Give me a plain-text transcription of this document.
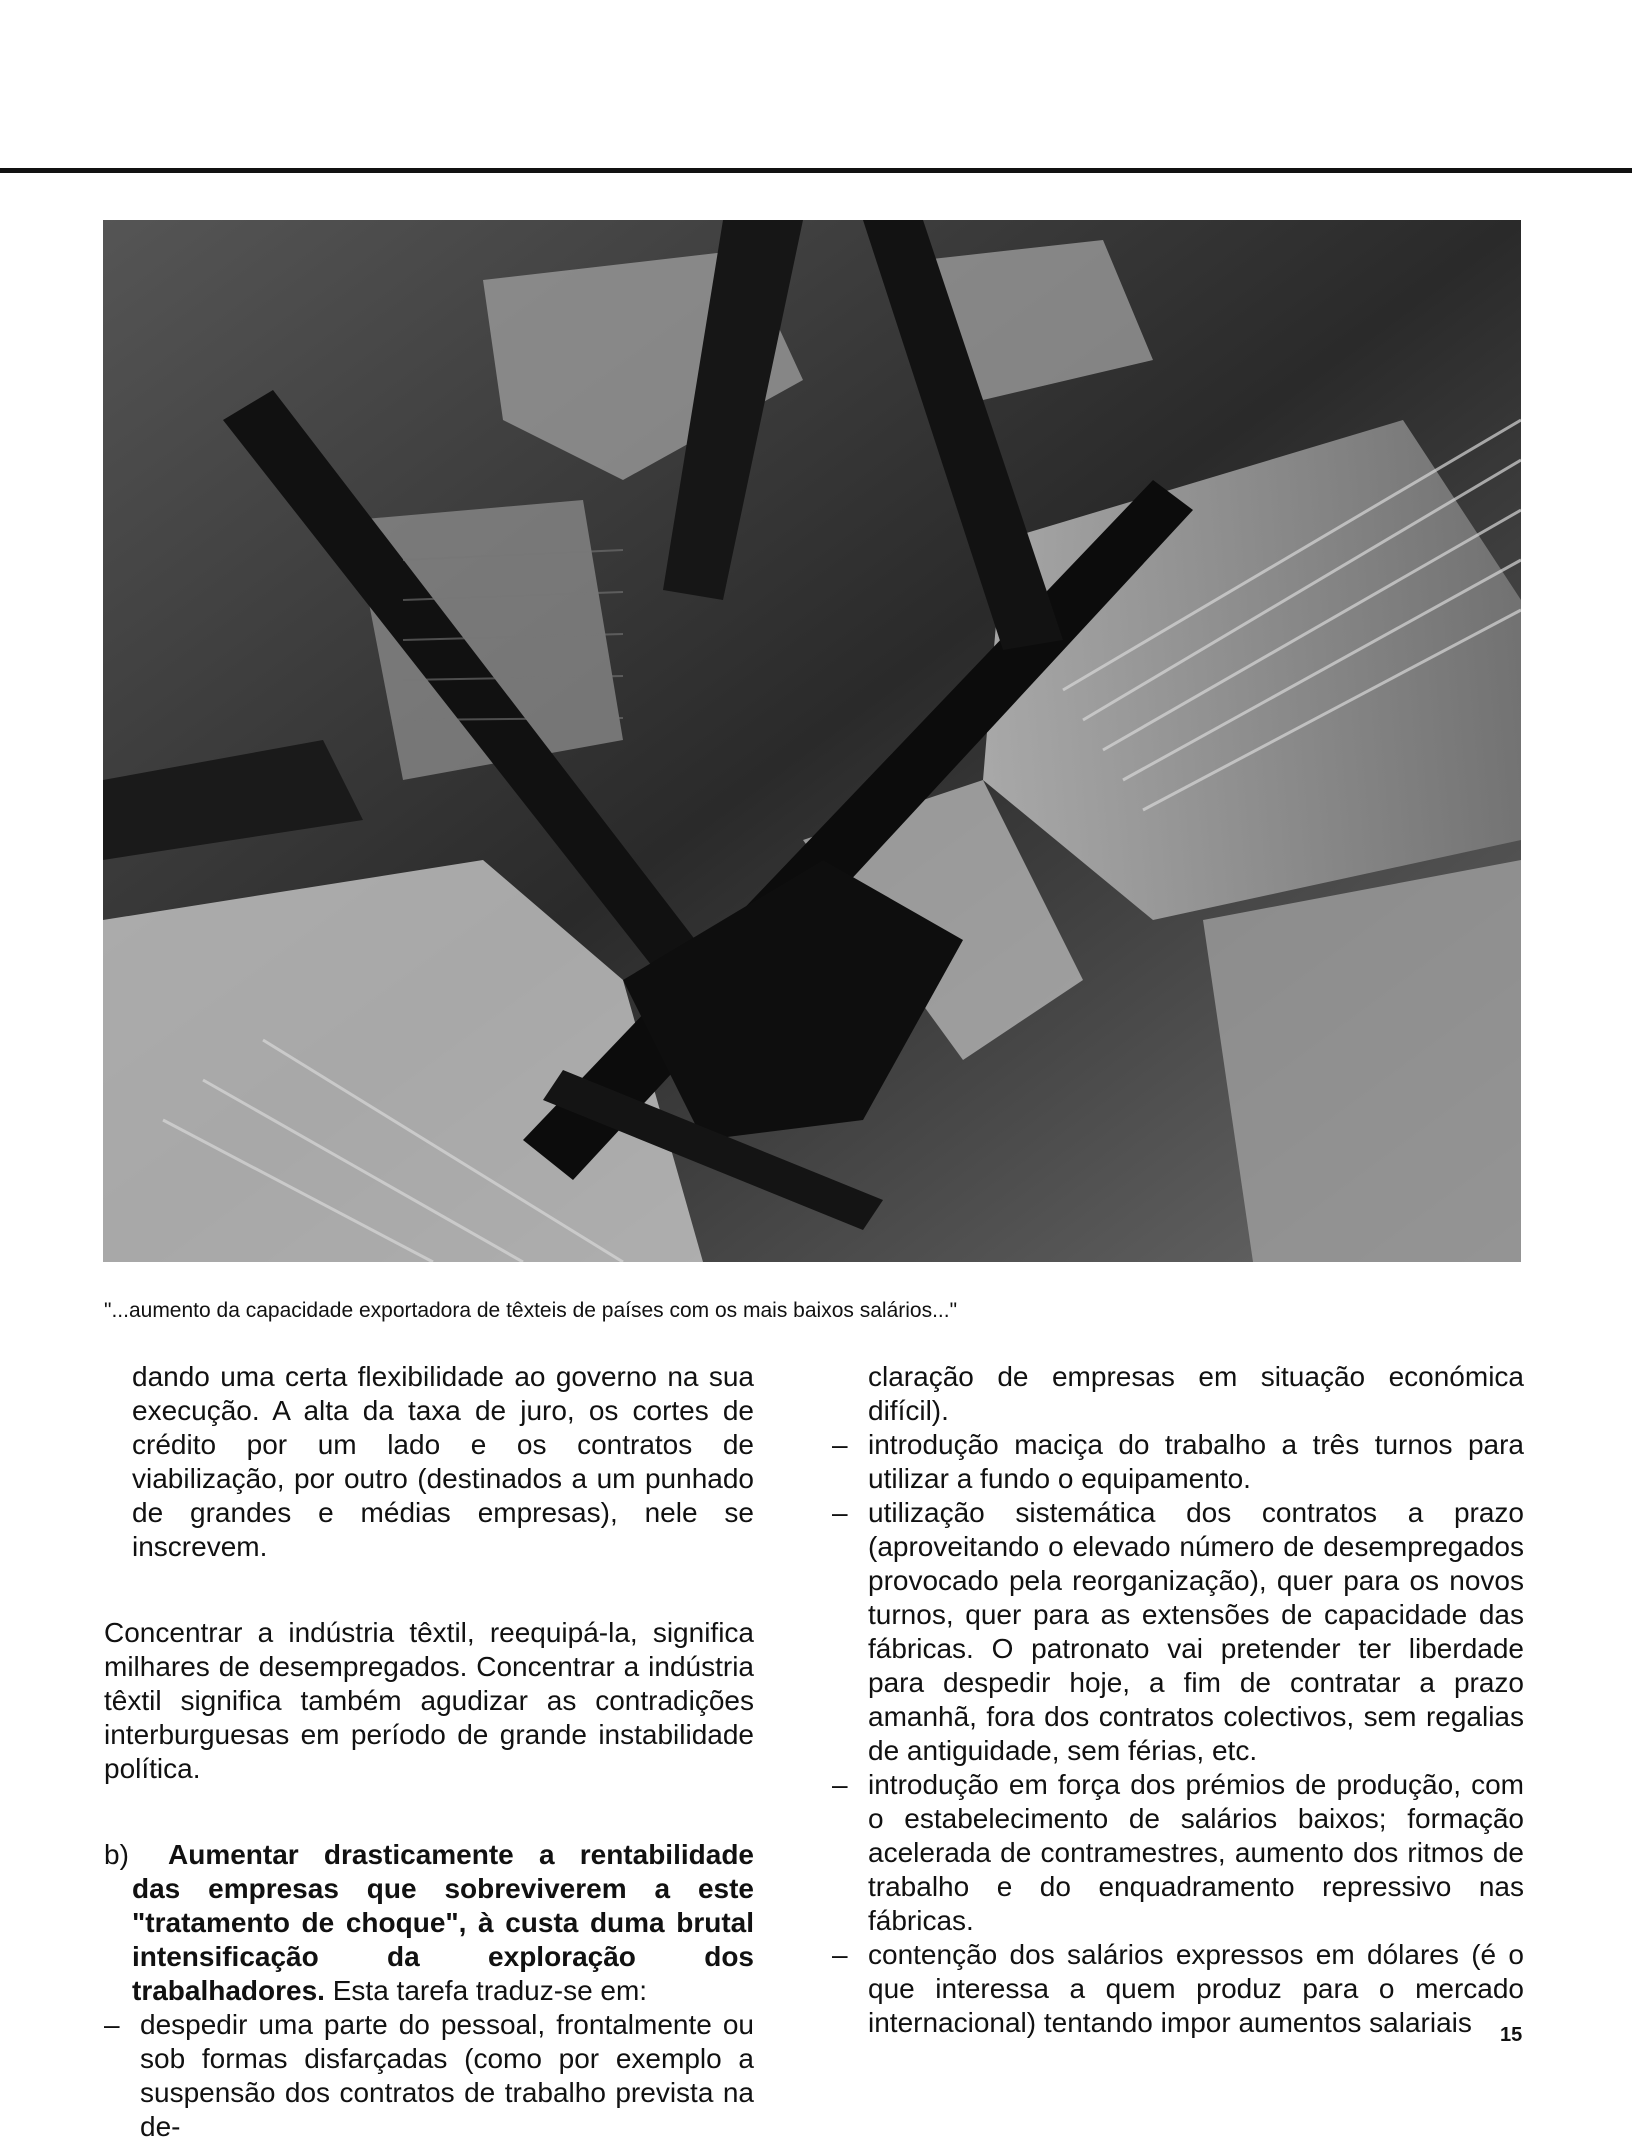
"...aumento da capacidade exportadora de têxteis de países com os mais baixos salários..."

dando uma certa flexibilidade ao governo na sua execução. A alta da taxa de juro, os cortes de crédito por um lado e os contratos de viabilização, por outro (destinados a um punhado de grandes e médias empresas), nele se inscrevem.

Concentrar a indústria têxtil, reequipá-la, significa milhares de desempregados. Concentrar a indústria têxtil significa também agudizar as contradições interburguesas em período de grande instabilidade política.

b) Aumentar drasticamente a rentabilidade das empresas que sobreviverem a este "tratamento de choque", à custa duma brutal intensificação da exploração dos trabalhadores. Esta tarefa traduz-se em:
– despedir uma parte do pessoal, frontalmente ou sob formas disfarçadas (como por exemplo a suspensão dos contratos de trabalho prevista na de-

claração de empresas em situação económica difícil).

– introdução maciça do trabalho a três turnos para utilizar a fundo o equipamento.
– utilização sistemática dos contratos a prazo (aproveitando o elevado número de desempregados provocado pela reorganização), quer para os novos turnos, quer para as extensões de capacidade das fábricas. O patronato vai pretender ter liberdade para despedir hoje, a fim de contratar a prazo amanhã, fora dos contratos colectivos, sem regalias de antiguidade, sem férias, etc.
– introdução em força dos prémios de produção, com o estabelecimento de salários baixos; formação acelerada de contramestres, aumento dos ritmos de trabalho e do enquadramento repressivo nas fábricas.
– contenção dos salários expressos em dólares (é o que interessa a quem produz para o mercado internacional) tentando impor aumentos salariais	15
